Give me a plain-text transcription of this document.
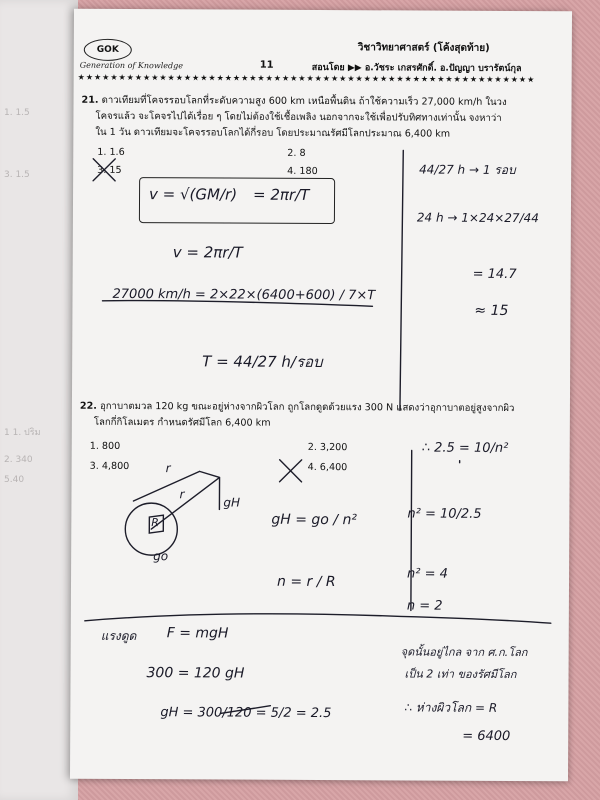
1. 1.5
3. 1.5
1 1. ปริม
2. 340
5.40
GOK
Generation of Knowledge
วิชาวิทยาศาสตร์ (โค้งสุดท้าย)
11	สอนโดย ▶▶ อ.วัชระ เกสรศักดิ์. อ.ปัญญา บรารัตน์กุล
★★★★★★★★★★★★★★★★★★★★★★★★★★★★★★★★★★★★★★★★★★★★★★★★★★★★★★★★
21. ดาวเทียมที่โคจรรอบโลกที่ระดับความสูง 600 km เหนือพื้นดิน ถ้าใช้ความเร็ว 27,000 km/h ในวง
โคจรแล้ว จะโคจรไปได้เรื่อย ๆ โดยไม่ต้องใช้เชื้อเพลิง นอกจากจะใช้เพื่อปรับทิศทางเท่านั้น จงหาว่า
ใน 1 วัน ดาวเทียมจะโคจรรอบโลกได้กี่รอบ โดยประมาณรัศมีโลกประมาณ 6,400 km
1. 1.6	2. 8
3. 15	4. 180
v = √(GM/r) = 2πr/T
v = 2πr/T
27000 km/h = 2×22×(6400+600) / 7×T
T = 44/27 h/รอบ
44/27 h → 1 รอบ
24 h → 1×24×27/44
= 14.7
≈ 15
22. อุกาบาตมวล 120 kg ขณะอยู่ห่างจากผิวโลก ถูกโลกดูดด้วยแรง 300 N แสดงว่าอุกาบาตอยู่สูงจากผิว
โลกกี่กิโลเมตร กำหนดรัศมีโลก 6,400 km
1. 800	2. 3,200
3. 4,800	4. 6,400
r
r
R
gH
go
gH = go / n²
n = r / R
∴ 2.5 = 10/n²
n² = 10/2.5
n² = 4
n = 2
แรงดูด F = mgH
300 = 120 gH
gH = 300/120 = 5/2 = 2.5
จุดนั้นอยู่ไกล จาก ศ.ก.โลก
เป็น 2 เท่า ของรัศมีโลก
∴ ห่างผิวโลก = R
= 6400
